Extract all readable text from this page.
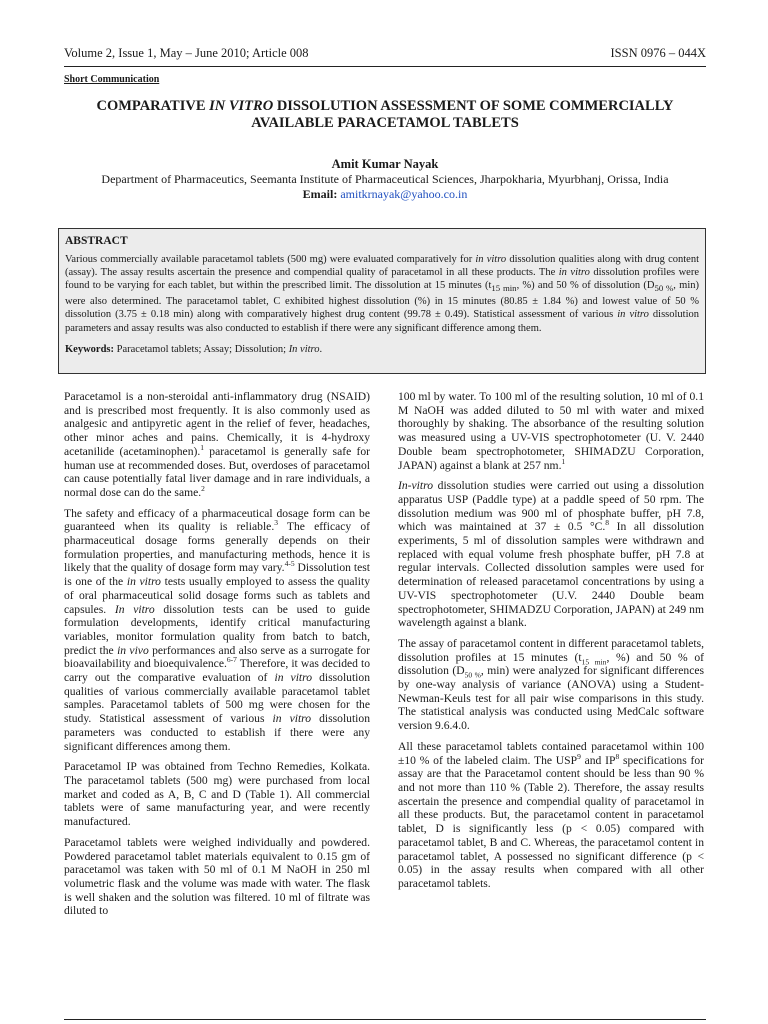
Volume 2, Issue 1, May – June 2010; Article 008	ISSN 0976 – 044X
Short Communication
COMPARATIVE IN VITRO DISSOLUTION ASSESSMENT OF SOME COMMERCIALLY AVAILABLE PARACETAMOL TABLETS
Amit Kumar Nayak
Department of Pharmaceutics, Seemanta Institute of Pharmaceutical Sciences, Jharpokharia, Myurbhanj, Orissa, India
Email: amitkrnayak@yahoo.co.in
ABSTRACT
Various commercially available paracetamol tablets (500 mg) were evaluated comparatively for in vitro dissolution qualities along with drug content (assay). The assay results ascertain the presence and compendial quality of paracetamol in all these products. The in vitro dissolution profiles were found to be varying for each tablet, but within the prescribed limit. The dissolution at 15 minutes ($t_{15 min}$, %) and 50 % of dissolution ($D_{50 \%}$, min) were also determined. The paracetamol tablet, C exhibited highest dissolution (%) in 15 minutes (80.85 ± 1.84 %) and lowest value of 50 % dissolution (3.75 ± 0.18 min) along with comparatively highest drug content (99.78 ± 0.49). Statistical assessment of various in vitro dissolution parameters and assay results was also conducted to establish if there were any significant difference among them.
Keywords: Paracetamol tablets; Assay; Dissolution; In vitro.

Paracetamol is a non-steroidal anti-inflammatory drug (NSAID) and is prescribed most frequently. It is also commonly used as analgesic and antipyretic agent in the relief of fever, headaches, other minor aches and pains. Chemically, it is 4-hydroxy acetanilide (acetaminophen).$^1$ paracetamol is generally safe for human use at recommended doses. But, overdoses of paracetamol can cause potentially fatal liver damage and in rare individuals, a normal dose can do the same.$^2$

The safety and efficacy of a pharmaceutical dosage form can be guaranteed when its quality is reliable.$^3$ The efficacy of pharmaceutical dosage forms generally depends on their formulation properties, and manufacturing methods, hence it is likely that the quality of dosage form may vary.$^{4-5}$ Dissolution test is one of the in vitro tests usually employed to assess the quality of oral pharmaceutical solid dosage forms such as tablets and capsules. In vitro dissolution tests can be used to guide formulation developments, identify critical manufacturing variables, monitor formulation quality from batch to batch, predict the in vivo performances and also serve as a surrogate for bioavailability and bioequivalence.$^{6-7}$ Therefore, it was decided to carry out the comparative evaluation of in vitro dissolution qualities of various commercially available paracetamol tablet samples. Paracetamol tablets of 500 mg were chosen for the study. Statistical assessment of various in vitro dissolution parameters was conducted to establish if there were any significant differences among them.

Paracetamol IP was obtained from Techno Remedies, Kolkata. The paracetamol tablets (500 mg) were purchased from local market and coded as A, B, C and D (Table 1). All commercial tablets were of same manufacturing year, and were recently manufactured.

Paracetamol tablets were weighed individually and powdered. Powdered paracetamol tablet materials equivalent to 0.15 gm of paracetamol was taken with 50 ml of 0.1 M NaOH in 250 ml volumetric flask and the volume was made with water. The flask is well shaken and the solution was filtered. 10 ml of filtrate was diluted to

100 ml by water. To 100 ml of the resulting solution, 10 ml of 0.1 M NaOH was added diluted to 50 ml with water and mixed thoroughly by shaking. The absorbance of the resulting solution was measured using a UV-VIS spectrophotometer (U. V. 2440 Double beam spectrophotometer, SHIMADZU Corporation, JAPAN) against a blank at 257 nm.$^1$

In-vitro dissolution studies were carried out using a dissolution apparatus USP (Paddle type) at a paddle speed of 50 rpm. The dissolution medium was 900 ml of phosphate buffer, pH 7.8, which was maintained at 37 ± 0.5 °C.$^8$ In all dissolution experiments, 5 ml of dissolution samples were withdrawn and replaced with equal volume fresh phosphate buffer, pH 7.8 at regular intervals. Collected dissolution samples were used for determination of released paracetamol concentrations by using a UV-VIS spectrophotometer (U.V. 2440 Double beam spectrophotometer, SHIMADZU Corporation, JAPAN) at 249 nm wavelength against a blank.

The assay of paracetamol content in different paracetamol tablets, dissolution profiles at 15 minutes ($t_{15 min}$, %) and 50 % of dissolution ($D_{50 \%}$, min) were analyzed for significant differences by one-way analysis of variance (ANOVA) using a Student-Newman-Keuls test for all pair wise comparisons in this study. The statistical analysis was conducted using MedCalc software version 9.6.4.0.

All these paracetamol tablets contained paracetamol within 100 ±10 % of the labeled claim. The USP$^9$ and $IP^8$ specifications for assay are that the Paracetamol content should be less than 90 % and not more than 110 % (Table 2). Therefore, the assay results ascertain the presence and compendial quality of paracetamol in all these products. But, the paracetamol content in paracetamol tablet, D is significantly less (p < 0.05) compared with paracetamol tablet, B and C. Whereas, the paracetamol content in paracetamol tablet, A possessed no significant difference (p < 0.05) in the assay results when compared with all other paracetamol tablets.
